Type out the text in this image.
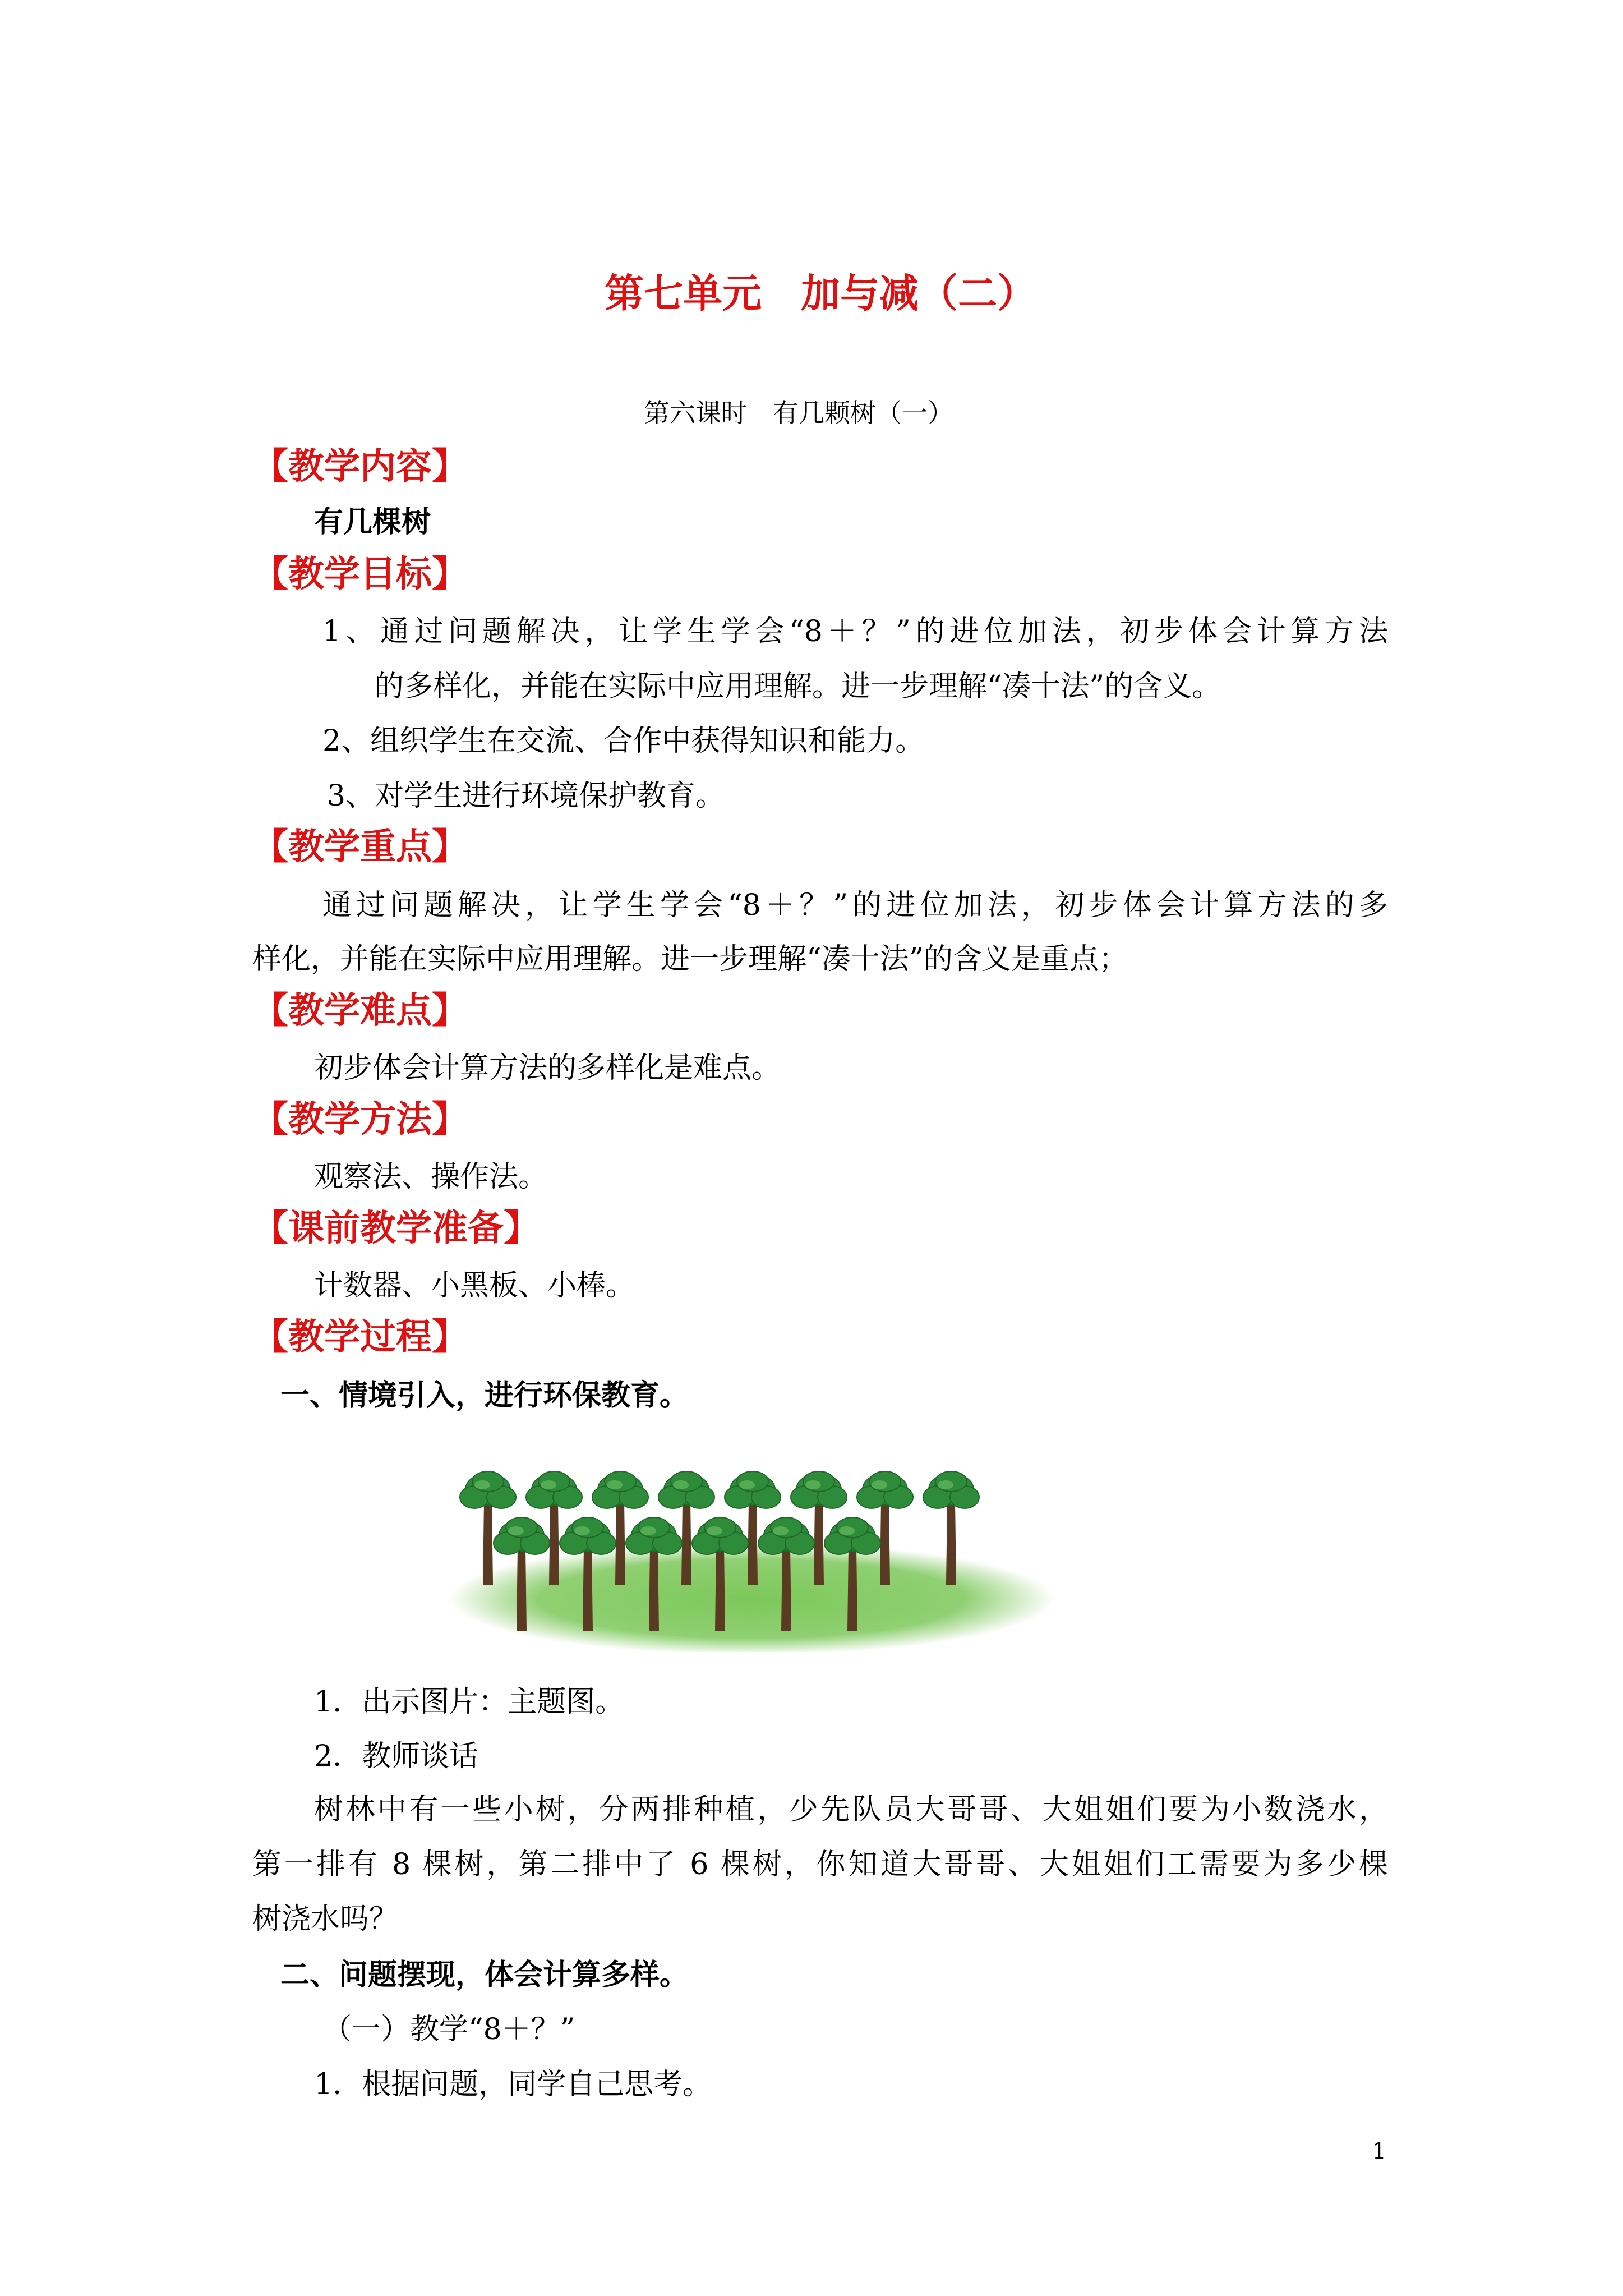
第七单元　加与减（二）
第六课时　有几颗树（一）
【教学内容】
有几棵树
【教学目标】
1、通过问题解决，让学生学会“8＋？”的进位加法，初步体会计算方法
的多样化，并能在实际中应用理解。进一步理解“凑十法”的含义。
2、组织学生在交流、合作中获得知识和能力。
3、对学生进行环境保护教育。
【教学重点】
通过问题解决，让学生学会“8＋？”的进位加法，初步体会计算方法的多
样化，并能在实际中应用理解。进一步理解“凑十法”的含义是重点；
【教学难点】
初步体会计算方法的多样化是难点。
【教学方法】
观察法、操作法。
【课前教学准备】
计数器、小黑板、小棒。
【教学过程】
一、情境引入，进行环保教育。
1．出示图片：主题图。
2．教师谈话
树林中有一些小树，分两排种植，少先队员大哥哥、大姐姐们要为小数浇水，
第一排有 8 棵树，第二排中了 6 棵树，你知道大哥哥、大姐姐们工需要为多少棵
树浇水吗？
二、问题摆现，体会计算多样。
（一）教学“8＋？”
1．根据问题，同学自己思考。
1
